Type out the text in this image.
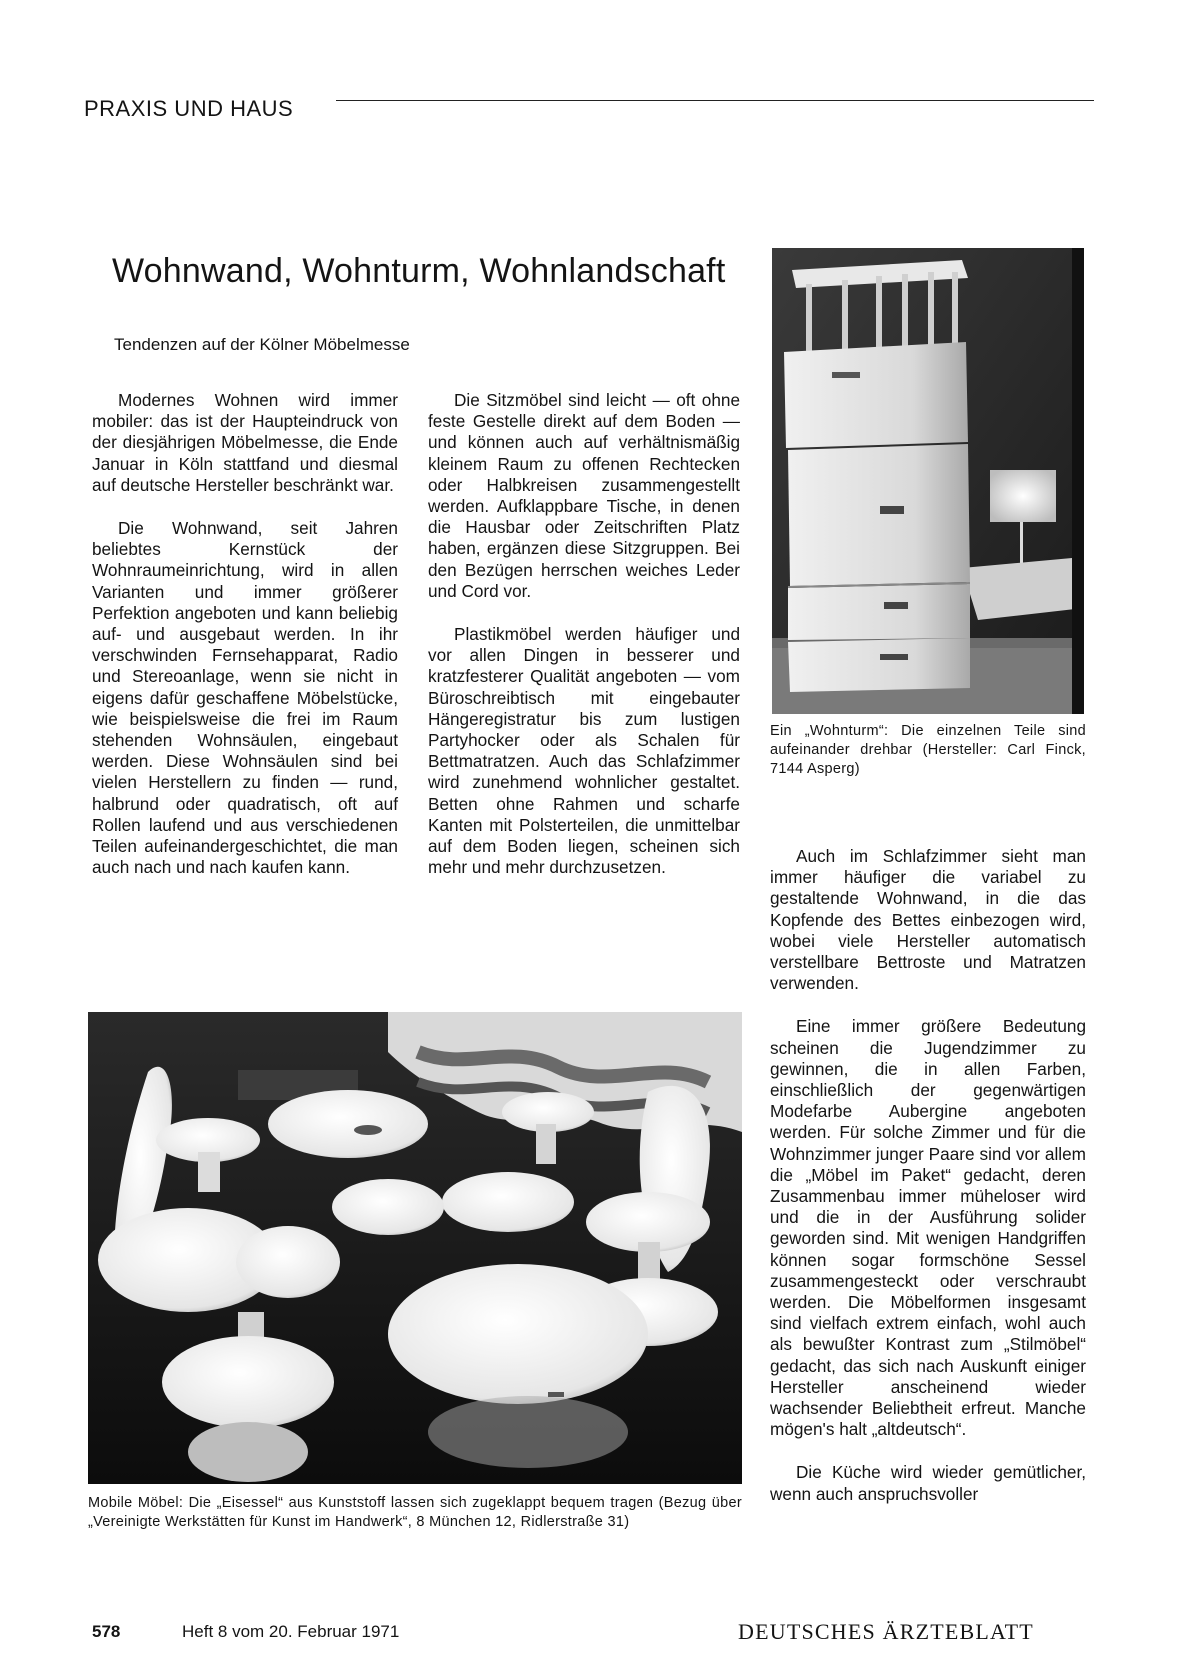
PRAXIS UND HAUS
Wohnwand, Wohnturm, Wohnlandschaft
Tendenzen auf der Kölner Möbelmesse

Modernes Wohnen wird immer mobiler: das ist der Haupteindruck von der diesjährigen Möbelmesse, die Ende Januar in Köln stattfand und diesmal auf deutsche Hersteller beschränkt war.

Die Wohnwand, seit Jahren beliebtes Kernstück der Wohnraumeinrichtung, wird in allen Varianten und immer größerer Perfektion angeboten und kann beliebig auf- und ausgebaut werden. In ihr verschwinden Fernsehapparat, Radio und Stereoanlage, wenn sie nicht in eigens dafür geschaffene Möbelstücke, wie beispielsweise die frei im Raum stehenden Wohnsäulen, eingebaut werden. Diese Wohnsäulen sind bei vielen Herstellern zu finden — rund, halbrund oder quadratisch, oft auf Rollen laufend und aus verschiedenen Teilen aufeinandergeschichtet, die man auch nach und nach kaufen kann.

Die Sitzmöbel sind leicht — oft ohne feste Gestelle direkt auf dem Boden — und können auch auf verhältnismäßig kleinem Raum zu offenen Rechtecken oder Halbkreisen zusammengestellt werden. Aufklappbare Tische, in denen die Hausbar oder Zeitschriften Platz haben, ergänzen diese Sitzgruppen. Bei den Bezügen herrschen weiches Leder und Cord vor.

Plastikmöbel werden häufiger und vor allen Dingen in besserer und kratzfesterer Qualität angeboten — vom Büroschreibtisch mit eingebauter Hängeregistratur bis zum lustigen Partyhocker oder als Schalen für Bettmatratzen. Auch das Schlafzimmer wird zunehmend wohnlicher gestaltet. Betten ohne Rahmen und scharfe Kanten mit Polsterteilen, die unmittelbar auf dem Boden liegen, scheinen sich mehr und mehr durchzusetzen.

Ein „Wohnturm“: Die einzelnen Teile sind aufeinander drehbar (Hersteller: Carl Finck, 7144 Asperg)

Auch im Schlafzimmer sieht man immer häufiger die variabel zu gestaltende Wohnwand, in die das Kopfende des Bettes einbezogen wird, wobei viele Hersteller automatisch verstellbare Bettroste und Matratzen verwenden.

Eine immer größere Bedeutung scheinen die Jugendzimmer zu gewinnen, die in allen Farben, einschließlich der gegenwärtigen Modefarbe Aubergine angeboten werden. Für solche Zimmer und für die Wohnzimmer junger Paare sind vor allem die „Möbel im Paket“ gedacht, deren Zusammenbau immer müheloser wird und die in der Ausführung solider geworden sind. Mit wenigen Handgriffen können sogar formschöne Sessel zusammengesteckt oder verschraubt werden. Die Möbelformen insgesamt sind vielfach extrem einfach, wohl auch als bewußter Kontrast zum „Stilmöbel“ gedacht, das sich nach Auskunft einiger Hersteller anscheinend wieder wachsender Beliebtheit erfreut. Manche mögen's halt „altdeutsch“.

Die Küche wird wieder gemütlicher, wenn auch anspruchsvoller

Mobile Möbel: Die „Eisessel“ aus Kunststoff lassen sich zugeklappt bequem tragen (Bezug über „Vereinigte Werkstätten für Kunst im Handwerk“, 8 München 12, Ridlerstraße 31)
578	Heft 8 vom 20. Februar 1971	DEUTSCHES ÄRZTEBLATT
